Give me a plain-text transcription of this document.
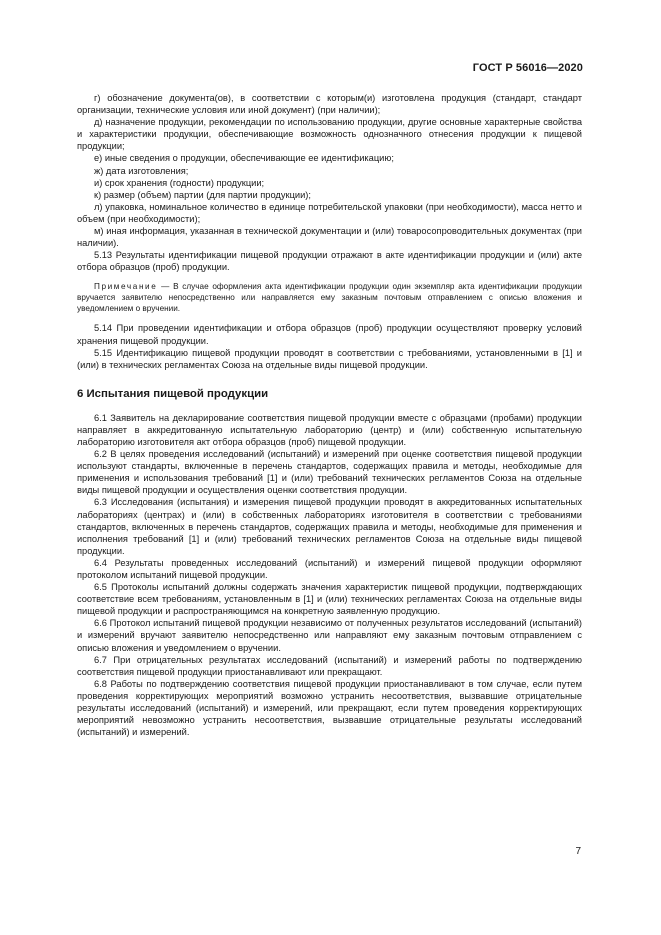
ГОСТ Р 56016—2020

г) обозначение документа(ов), в соответствии с которым(и) изготовлена продукция (стандарт, стандарт организации, технические условия или иной документ) (при наличии);

д) назначение продукции, рекомендации по использованию продукции, другие основные характерные свойства и характеристики продукции, обеспечивающие возможность однозначного отнесения продукции к пищевой продукции;

е) иные сведения о продукции, обеспечивающие ее идентификацию;

ж) дата изготовления;

и) срок хранения (годности) продукции;

к) размер (объем) партии (для партии продукции);

л) упаковка, номинальное количество в единице потребительской упаковки (при необходимости), масса нетто и объем (при необходимости);

м) иная информация, указанная в технической документации и (или) товаросопроводительных документах (при наличии).

5.13 Результаты идентификации пищевой продукции отражают в акте идентификации продукции и (или) акте отбора образцов (проб) продукции.

Примечание — В случае оформления акта идентификации продукции один экземпляр акта идентификации продукции вручается заявителю непосредственно или направляется ему заказным почтовым отправлением с описью вложения и уведомлением о вручении.

5.14 При проведении идентификации и отбора образцов (проб) продукции осуществляют проверку условий хранения пищевой продукции.

5.15 Идентификацию пищевой продукции проводят в соответствии с требованиями, установленными в [1] и (или) в технических регламентах Союза на отдельные виды пищевой продукции.

6 Испытания пищевой продукции

6.1 Заявитель на декларирование соответствия пищевой продукции вместе с образцами (пробами) продукции направляет в аккредитованную испытательную лабораторию (центр) и (или) собственную испытательную лабораторию изготовителя акт отбора образцов (проб) пищевой продукции.

6.2 В целях проведения исследований (испытаний) и измерений при оценке соответствия пищевой продукции используют стандарты, включенные в перечень стандартов, содержащих правила и методы, необходимые для применения и использования требований [1] и (или) требований технических регламентов Союза на отдельные виды пищевой продукции и осуществления оценки соответствия продукции.

6.3 Исследования (испытания) и измерения пищевой продукции проводят в аккредитованных испытательных лабораториях (центрах) и (или) в собственных лабораториях изготовителя в соответствии с требованиями стандартов, включенных в перечень стандартов, содержащих правила и методы, необходимые для применения и исполнения требований [1] и (или) требований технических регламентов Союза на отдельные виды пищевой продукции.

6.4 Результаты проведенных исследований (испытаний) и измерений пищевой продукции оформляют протоколом испытаний пищевой продукции.

6.5 Протоколы испытаний должны содержать значения характеристик пищевой продукции, подтверждающих соответствие всем требованиям, установленным в [1] и (или) технических регламентах Союза на отдельные виды пищевой продукции и распространяющимся на конкретную заявленную продукцию.

6.6 Протокол испытаний пищевой продукции независимо от полученных результатов исследований (испытаний) и измерений вручают заявителю непосредственно или направляют ему заказным почтовым отправлением с описью вложения и уведомлением о вручении.

6.7 При отрицательных результатах исследований (испытаний) и измерений работы по подтверждению соответствия пищевой продукции приостанавливают или прекращают.

6.8 Работы по подтверждению соответствия пищевой продукции приостанавливают в том случае, если путем проведения корректирующих мероприятий возможно устранить несоответствия, вызвавшие отрицательные результаты исследований (испытаний) и измерений, или прекращают, если путем проведения корректирующих мероприятий невозможно устранить несоответствия, вызвавшие отрицательные результаты исследований (испытаний) и измерений.

7
